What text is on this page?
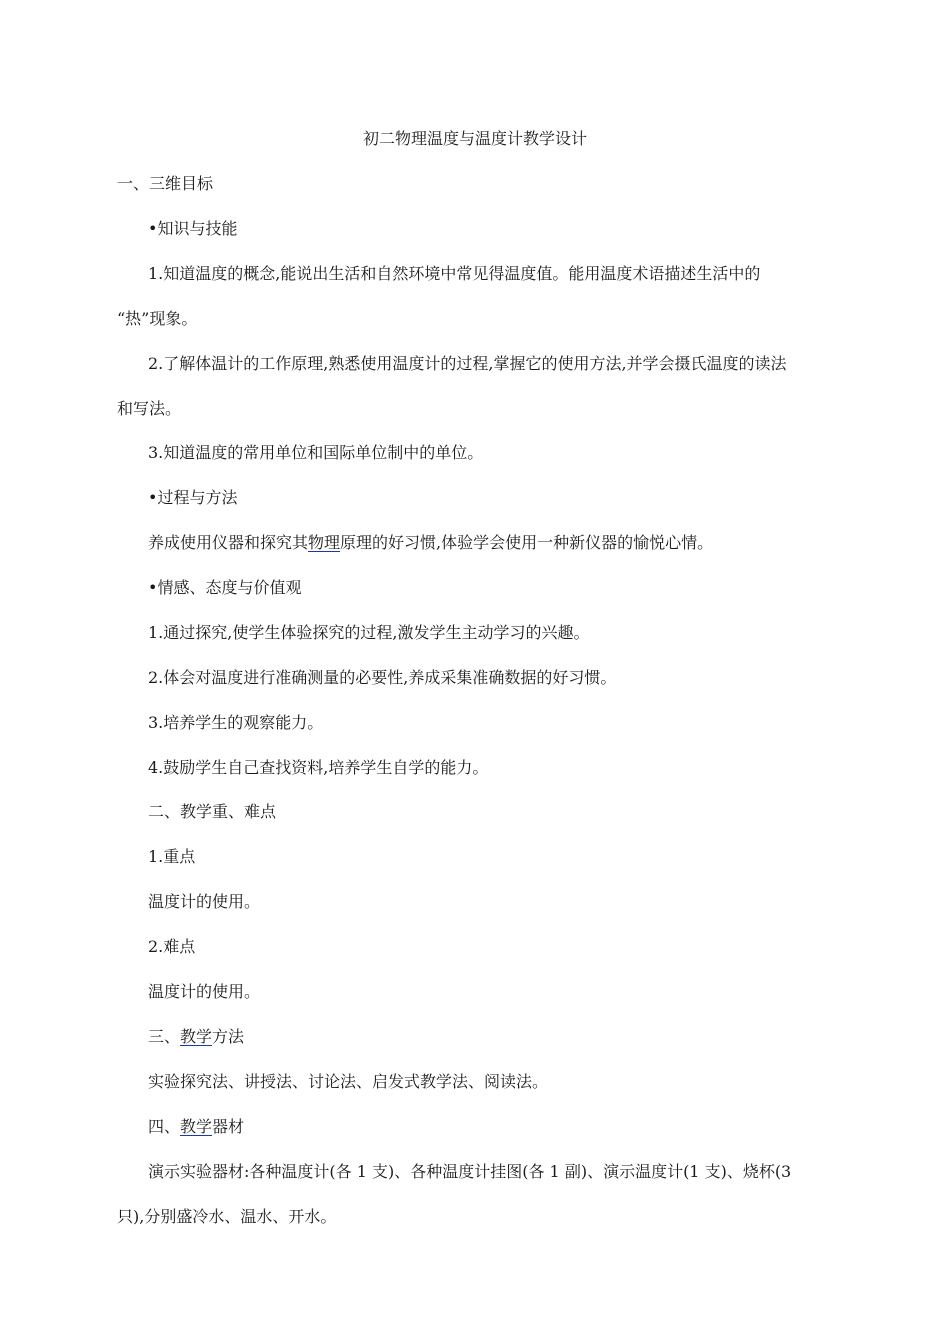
初二物理温度与温度计教学设计
一、三维目标
•知识与技能
1.知道温度的概念,能说出生活和自然环境中常见得温度值。能用温度术语描述生活中的
“热”现象。
2.了解体温计的工作原理,熟悉使用温度计的过程,掌握它的使用方法,并学会摄氏温度的读法
和写法。
3.知道温度的常用单位和国际单位制中的单位。
•过程与方法
养成使用仪器和探究其物理原理的好习惯,体验学会使用一种新仪器的愉悦心情。
•情感、态度与价值观
1.通过探究,使学生体验探究的过程,激发学生主动学习的兴趣。
2.体会对温度进行准确测量的必要性,养成采集准确数据的好习惯。
3.培养学生的观察能力。
4.鼓励学生自己查找资料,培养学生自学的能力。
二、教学重、难点
1.重点
温度计的使用。
2.难点
温度计的使用。
三、教学方法
实验探究法、讲授法、讨论法、启发式教学法、阅读法。
四、教学器材
演示实验器材:各种温度计(各 1 支)、各种温度计挂图(各 1 副)、演示温度计(1 支)、烧杯(3
只),分别盛冷水、温水、开水。
